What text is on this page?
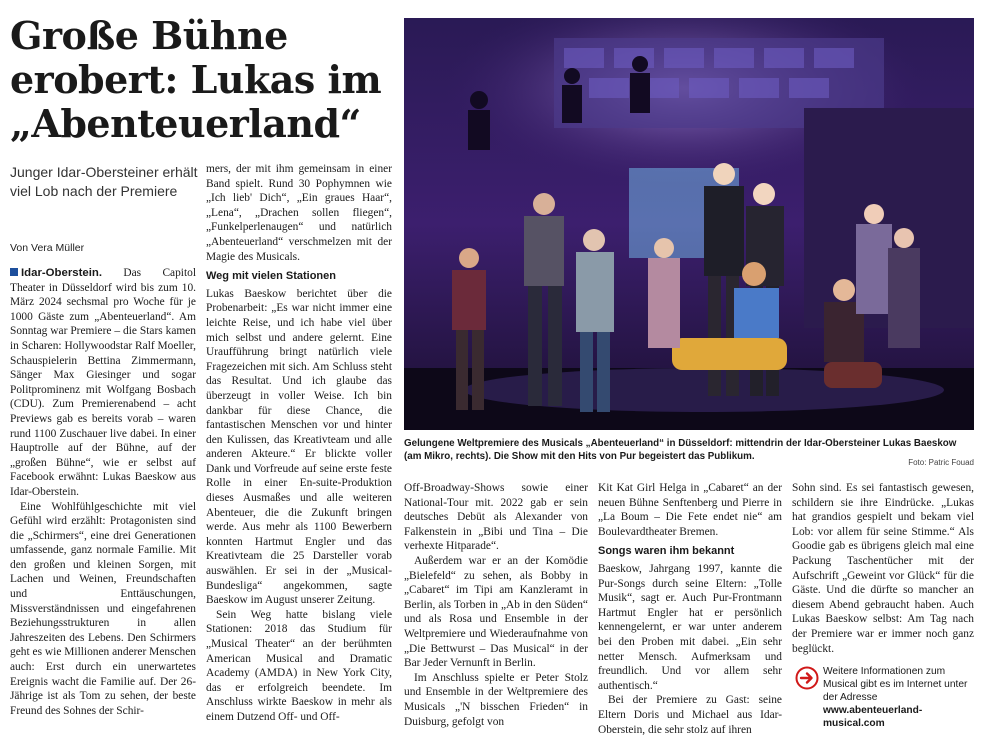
Große Bühne
erobert: Lukas im
„Abenteuerland“

Junger Idar-Obersteiner erhält viel Lob nach der Premiere

Von Vera Müller

Idar-Oberstein. Das Capitol Theater in Düsseldorf wird bis zum 10. März 2024 sechsmal pro Woche für je 1000 Gäste zum „Abenteuerland“. Am Sonntag war Premiere – die Stars kamen in Scharen: Hollywoodstar Ralf Moeller, Schauspielerin Bettina Zimmermann, Sänger Max Giesinger und sogar Politprominenz mit Wolfgang Bosbach (CDU). Zum Premierenabend – acht Previews gab es bereits vorab – waren rund 1100 Zuschauer live dabei. In einer Hauptrolle auf der Bühne, auf der „großen Bühne“, wie er selbst auf Facebook erwähnt: Lukas Baeskow aus Idar-Oberstein.

Eine Wohlfühlgeschichte mit viel Gefühl wird erzählt: Protagonisten sind die „Schirmers“, eine drei Generationen umfassende, ganz normale Familie. Mit den großen und kleinen Sorgen, mit Lachen und Weinen, Freundschaften und Enttäuschungen, Missverständnissen und eingefahrenen Beziehungsstrukturen in allen Jahreszeiten des Lebens. Den Schirmers geht es wie Millionen anderer Menschen auch: Erst durch ein unerwartetes Ereignis wacht die Familie auf. Der 26-Jährige ist als Tom zu sehen, der beste Freund des Sohnes der Schir-

mers, der mit ihm gemeinsam in einer Band spielt. Rund 30 Pophymnen wie „Ich lieb' Dich“, „Ein graues Haar“, „Lena“, „Drachen sollen fliegen“, „Funkelperlenaugen“ und natürlich „Abenteuerland“ verschmelzen mit der Magie des Musicals.

Weg mit vielen Stationen

Lukas Baeskow berichtet über die Probenarbeit: „Es war nicht immer eine leichte Reise, und ich habe viel über mich selbst und andere gelernt. Eine Uraufführung bringt natürlich viele Fragezeichen mit sich. Am Schluss steht das Resultat. Und ich glaube das überzeugt in voller Weise. Ich bin dankbar für diese Chance, die fantastischen Menschen vor und hinter den Kulissen, das Kreativteam und alle anderen Akteure.“ Er blickte voller Dank und Vorfreude auf seine erste feste Rolle in einer En-suite-Produktion dieses Ausmaßes und alle weiteren Abenteuer, die die Zukunft bringen werde. Aus mehr als 1100 Bewerbern konnten Hartmut Engler und das Kreativteam die 25 Darsteller vorab auswählen. Er sei in der „Musical-Bundesliga“ angekommen, sagte Baeskow im August unserer Zeitung.

Sein Weg hatte bislang viele Stationen: 2018 das Studium für „Musical Theater“ an der berühmten American Musical and Dramatic Academy (AMDA) in New York City, das er erfolgreich beendete. Im Anschluss wirkte Baeskow in mehr als einem Dutzend Off- und Off-

Gelungene Weltpremiere des Musicals „Abenteuerland“ in Düsseldorf: mittendrin der Idar-Obersteiner Lukas Baeskow (am Mikro, rechts). Die Show mit den Hits von Pur begeistert das Publikum.

Foto: Patric Fouad

Off-Broadway-Shows sowie einer National-Tour mit. 2022 gab er sein deutsches Debüt als Alexander von Falkenstein in „Bibi und Tina – Die verhexte Hitparade“.

Außerdem war er an der Komödie „Bielefeld“ zu sehen, als Bobby in „Cabaret“ im Tipi am Kanzleramt in Berlin, als Torben in „Ab in den Süden“ und als Rosa und Ensemble in der Weltpremiere und Wiederaufnahme von „Die Bettwurst – Das Musical“ in der Bar Jeder Vernunft in Berlin.

Im Anschluss spielte er Peter Stolz und Ensemble in der Weltpremiere des Musicals „'N bisschen Frieden“ in Duisburg, gefolgt von

Kit Kat Girl Helga in „Cabaret“ an der neuen Bühne Senftenberg und Pierre in „La Boum – Die Fete endet nie“ am Boulevardtheater Bremen.

Songs waren ihm bekannt

Baeskow, Jahrgang 1997, kannte die Pur-Songs durch seine Eltern: „Tolle Musik“, sagt er. Auch Pur-Frontmann Hartmut Engler hat er persönlich kennengelernt, er war unter anderem bei den Proben mit dabei. „Ein sehr netter Mensch. Aufmerksam und freundlich. Und vor allem sehr authentisch.“

Bei der Premiere zu Gast: seine Eltern Doris und Michael aus Idar-Oberstein, die sehr stolz auf ihren

Sohn sind. Es sei fantastisch gewesen, schildern sie ihre Eindrücke. „Lukas hat grandios gespielt und bekam viel Lob: vor allem für seine Stimme.“ Als Goodie gab es übrigens gleich mal eine Packung Taschentücher mit der Aufschrift „Geweint vor Glück“ für die Gäste. Und die dürfte so mancher an diesem Abend gebraucht haben. Auch Lukas Baeskow selbst: Am Tag nach der Premiere war er immer noch ganz beglückt.

Weitere Informationen zum Musical gibt es im Internet unter der Adresse www.abenteuerland-musical.com
